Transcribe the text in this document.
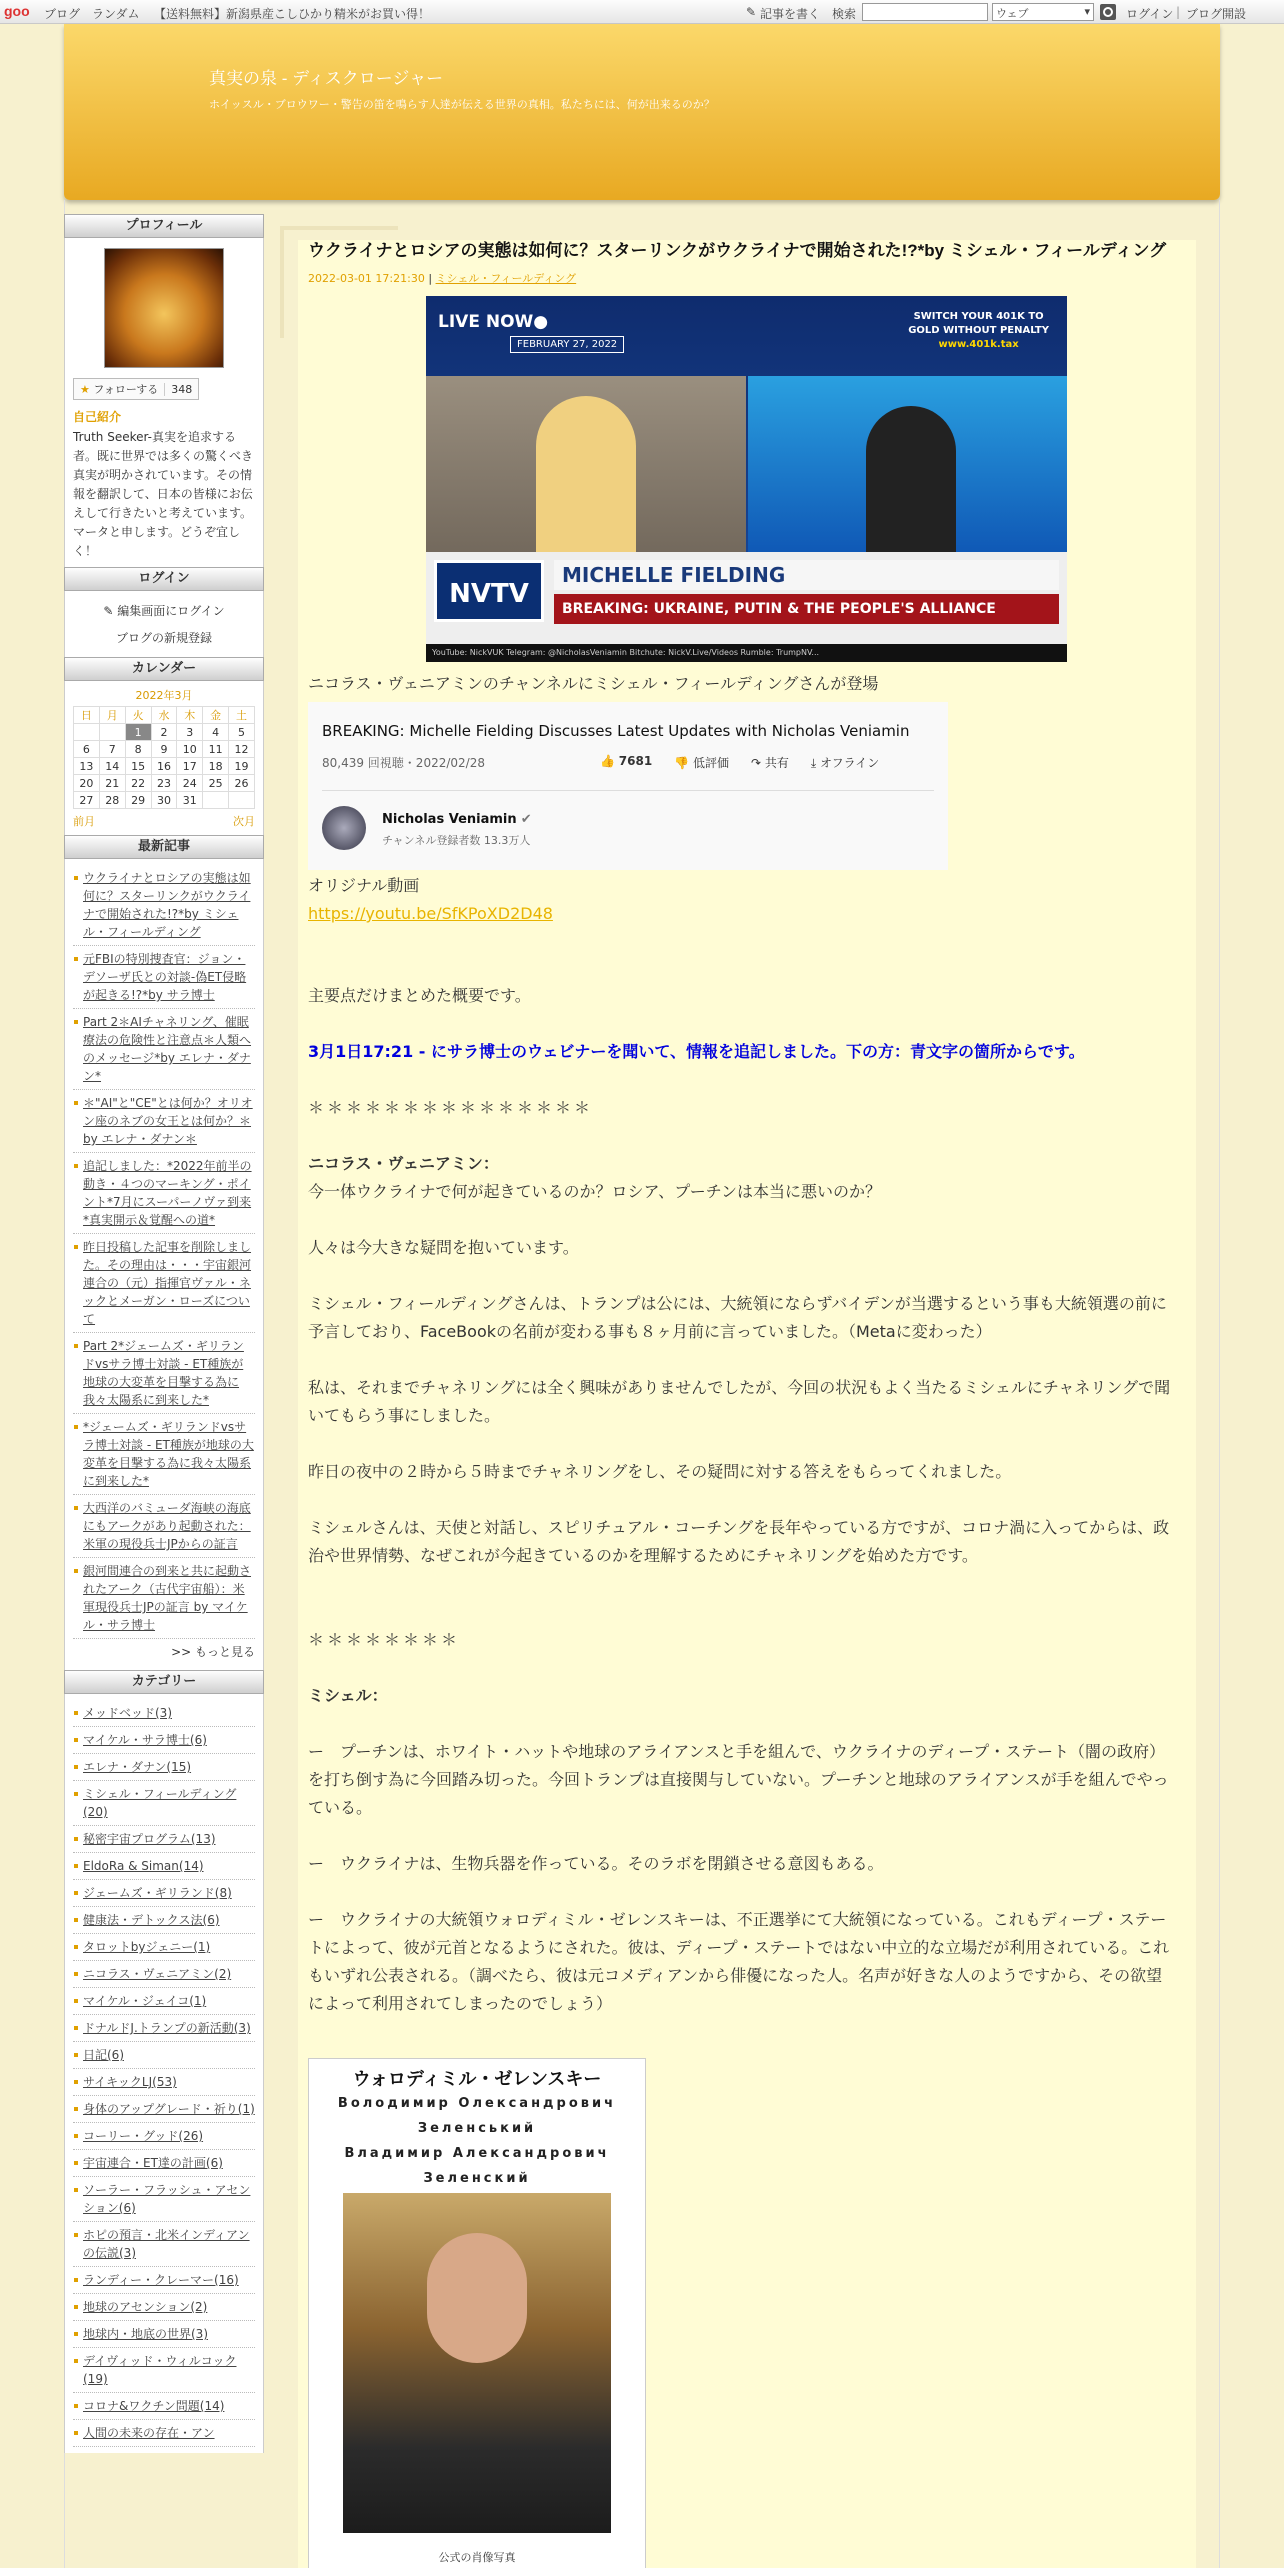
goo ブログ ランダム 【送料無料】新潟県産こしひかり精米がお買い得！	✎ 記事を書く 検索	ウェブ	▾	ログイン | ブログ開設
真実の泉 - ディスクロージャー
ホイッスル・ブロウワー・警告の笛を鳴らす人達が伝える世界の真相。私たちには、何が出来るのか？
プロフィール
★ フォローする 348
自己紹介
Truth Seeker-真実を追求する者。既に世界では多くの驚くべき真実が明かされています。その情報を翻訳して、日本の皆様にお伝えして行きたいと考えています。マータと申します。どうぞ宜しく！
ログイン
✎ 編集画面にログイン
ブログの新規登録
カレンダー
2022年3月
日	月	火	水	木	金	土
		1	2	3	4	5
6	7	8	9	10	11	12
13	14	15	16	17	18	19
20	21	22	23	24	25	26
27	28	29	30	31		
前月	次月
最新記事
ウクライナとロシアの実態は如何に？スターリンクがウクライナで開始された!?*by ミシェル・フィールディング
元FBIの特別捜査官：ジョン・デソーザ氏との対談-偽ET侵略が起きる!?*by サラ博士
Part 2＊AIチャネリング、催眠療法の危険性と注意点＊人類へのメッセージ*by エレナ・ダナン*
＊"AI"と"CE"とは何か？オリオン座のネブの女王とは何か？＊by エレナ・ダナン＊
追記しました：*2022年前半の動き・４つのマーキング・ポイント*7月にスーパーノヴァ到来*真実開示＆覚醒への道*
昨日投稿した記事を削除しました。その理由は・・・宇宙銀河連合の（元）指揮官ヴァル・ネックとメーガン・ローズについて
Part 2*ジェームズ・ギリランドvsサラ博士対談 - ET種族が地球の大変革を目撃する為に我々太陽系に到来した*
*ジェームズ・ギリランドvsサラ博士対談 - ET種族が地球の大変革を目撃する為に我々太陽系に到来した*
大西洋のバミューダ海峡の海底にもアークがあり起動された：米軍の現役兵士JPからの証言
銀河間連合の到来と共に起動されたアーク（古代宇宙船）：米軍現役兵士JPの証言 by マイケル・サラ博士
>> もっと見る
カテゴリー
メッドベッド(3)
マイケル・サラ博士(6)
エレナ・ダナン(15)
ミシェル・フィールディング(20)
秘密宇宙プログラム(13)
EldoRa & Siman(14)
ジェームズ・ギリランド(8)
健康法・デトックス法(6)
タロットbyジェニー(1)
ニコラス・ヴェニアミン(2)
マイケル・ジェイコ(1)
ドナルドJ.トランプの新活動(3)
日記(6)
サイキックLJ(53)
身体のアップグレード・祈り(1)
コーリー・グッド(26)
宇宙連合・ET達の計画(6)
ソーラー・フラッシュ・アセンション(6)
ホピの預言・北米インディアンの伝説(3)
ランディー・クレーマー(16)
地球のアセンション(2)
地球内・地底の世界(3)
デイヴィッド・ウィルコック(19)
コロナ&ワクチン問題(14)
人間の未来の存在・アン
ウクライナとロシアの実態は如何に？スターリンクがウクライナで開始された!?*by ミシェル・フィールディング
2022-03-01 17:21:30 | ミシェル・フィールディング
LIVE NOW●
FEBRUARY 27, 2022
SWITCH YOUR 401K TO
GOLD WITHOUT PENALTY
www.401k.tax
NVTV
MICHELLE FIELDING
BREAKING: UKRAINE, PUTIN & THE PEOPLE'S ALLIANCE
YouTube: NickVUK Telegram: @NicholasVeniamin Bitchute: NickV.Live/Videos Rumble: TrumpNV...
ニコラス・ヴェニアミンのチャンネルにミシェル・フィールディングさんが登場
BREAKING: Michelle Fielding Discusses Latest Updates with Nicholas Veniamin
80,439 回視聴・2022/02/28	👍 7681 👎 低評価 ↷ 共有 ⤓ オフライン
Nicholas Veniamin ✔
チャンネル登録者数 13.3万人
オリジナル動画
https://youtu.be/SfKPoXD2D48
主要点だけまとめた概要です。
3月1日17:21 - にサラ博士のウェビナーを聞いて、情報を追記しました。下の方：青文字の箇所からです。
＊＊＊＊＊＊＊＊＊＊＊＊＊＊＊
ニコラス・ヴェニアミン：
今一体ウクライナで何が起きているのか？ロシア、プーチンは本当に悪いのか？
人々は今大きな疑問を抱いています。
ミシェル・フィールディングさんは、トランプは公には、大統領にならずバイデンが当選するという事も大統領選の前に予言しており、FaceBookの名前が変わる事も８ヶ月前に言っていました。（Metaに変わった）
私は、それまでチャネリングには全く興味がありませんでしたが、今回の状況もよく当たるミシェルにチャネリングで聞いてもらう事にしました。
昨日の夜中の２時から５時までチャネリングをし、その疑問に対する答えをもらってくれました。
ミシェルさんは、天使と対話し、スピリチュアル・コーチングを長年やっている方ですが、コロナ渦に入ってからは、政治や世界情勢、なぜこれが今起きているのかを理解するためにチャネリングを始めた方です。
＊＊＊＊＊＊＊＊
ミシェル：
ー　プーチンは、ホワイト・ハットや地球のアライアンスと手を組んで、ウクライナのディープ・ステート（闇の政府）を打ち倒す為に今回踏み切った。今回トランプは直接関与していない。プーチンと地球のアライアンスが手を組んでやっている。
ー　ウクライナは、生物兵器を作っている。そのラボを閉鎖させる意図もある。
ー　ウクライナの大統領ウォロディミル・ゼレンスキーは、不正選挙にて大統領になっている。これもディープ・ステートによって、彼が元首となるようにされた。彼は、ディープ・ステートではない中立的な立場だが利用されている。これもいずれ公表される。（調べたら、彼は元コメディアンから俳優になった人。名声が好きな人のようですから、その欲望によって利用されてしまったのでしょう）
ウォロディミル・ゼレンスキー
Володимир Олександрович
Зеленський
Владимир Александрович
Зеленский
公式の肖像写真
